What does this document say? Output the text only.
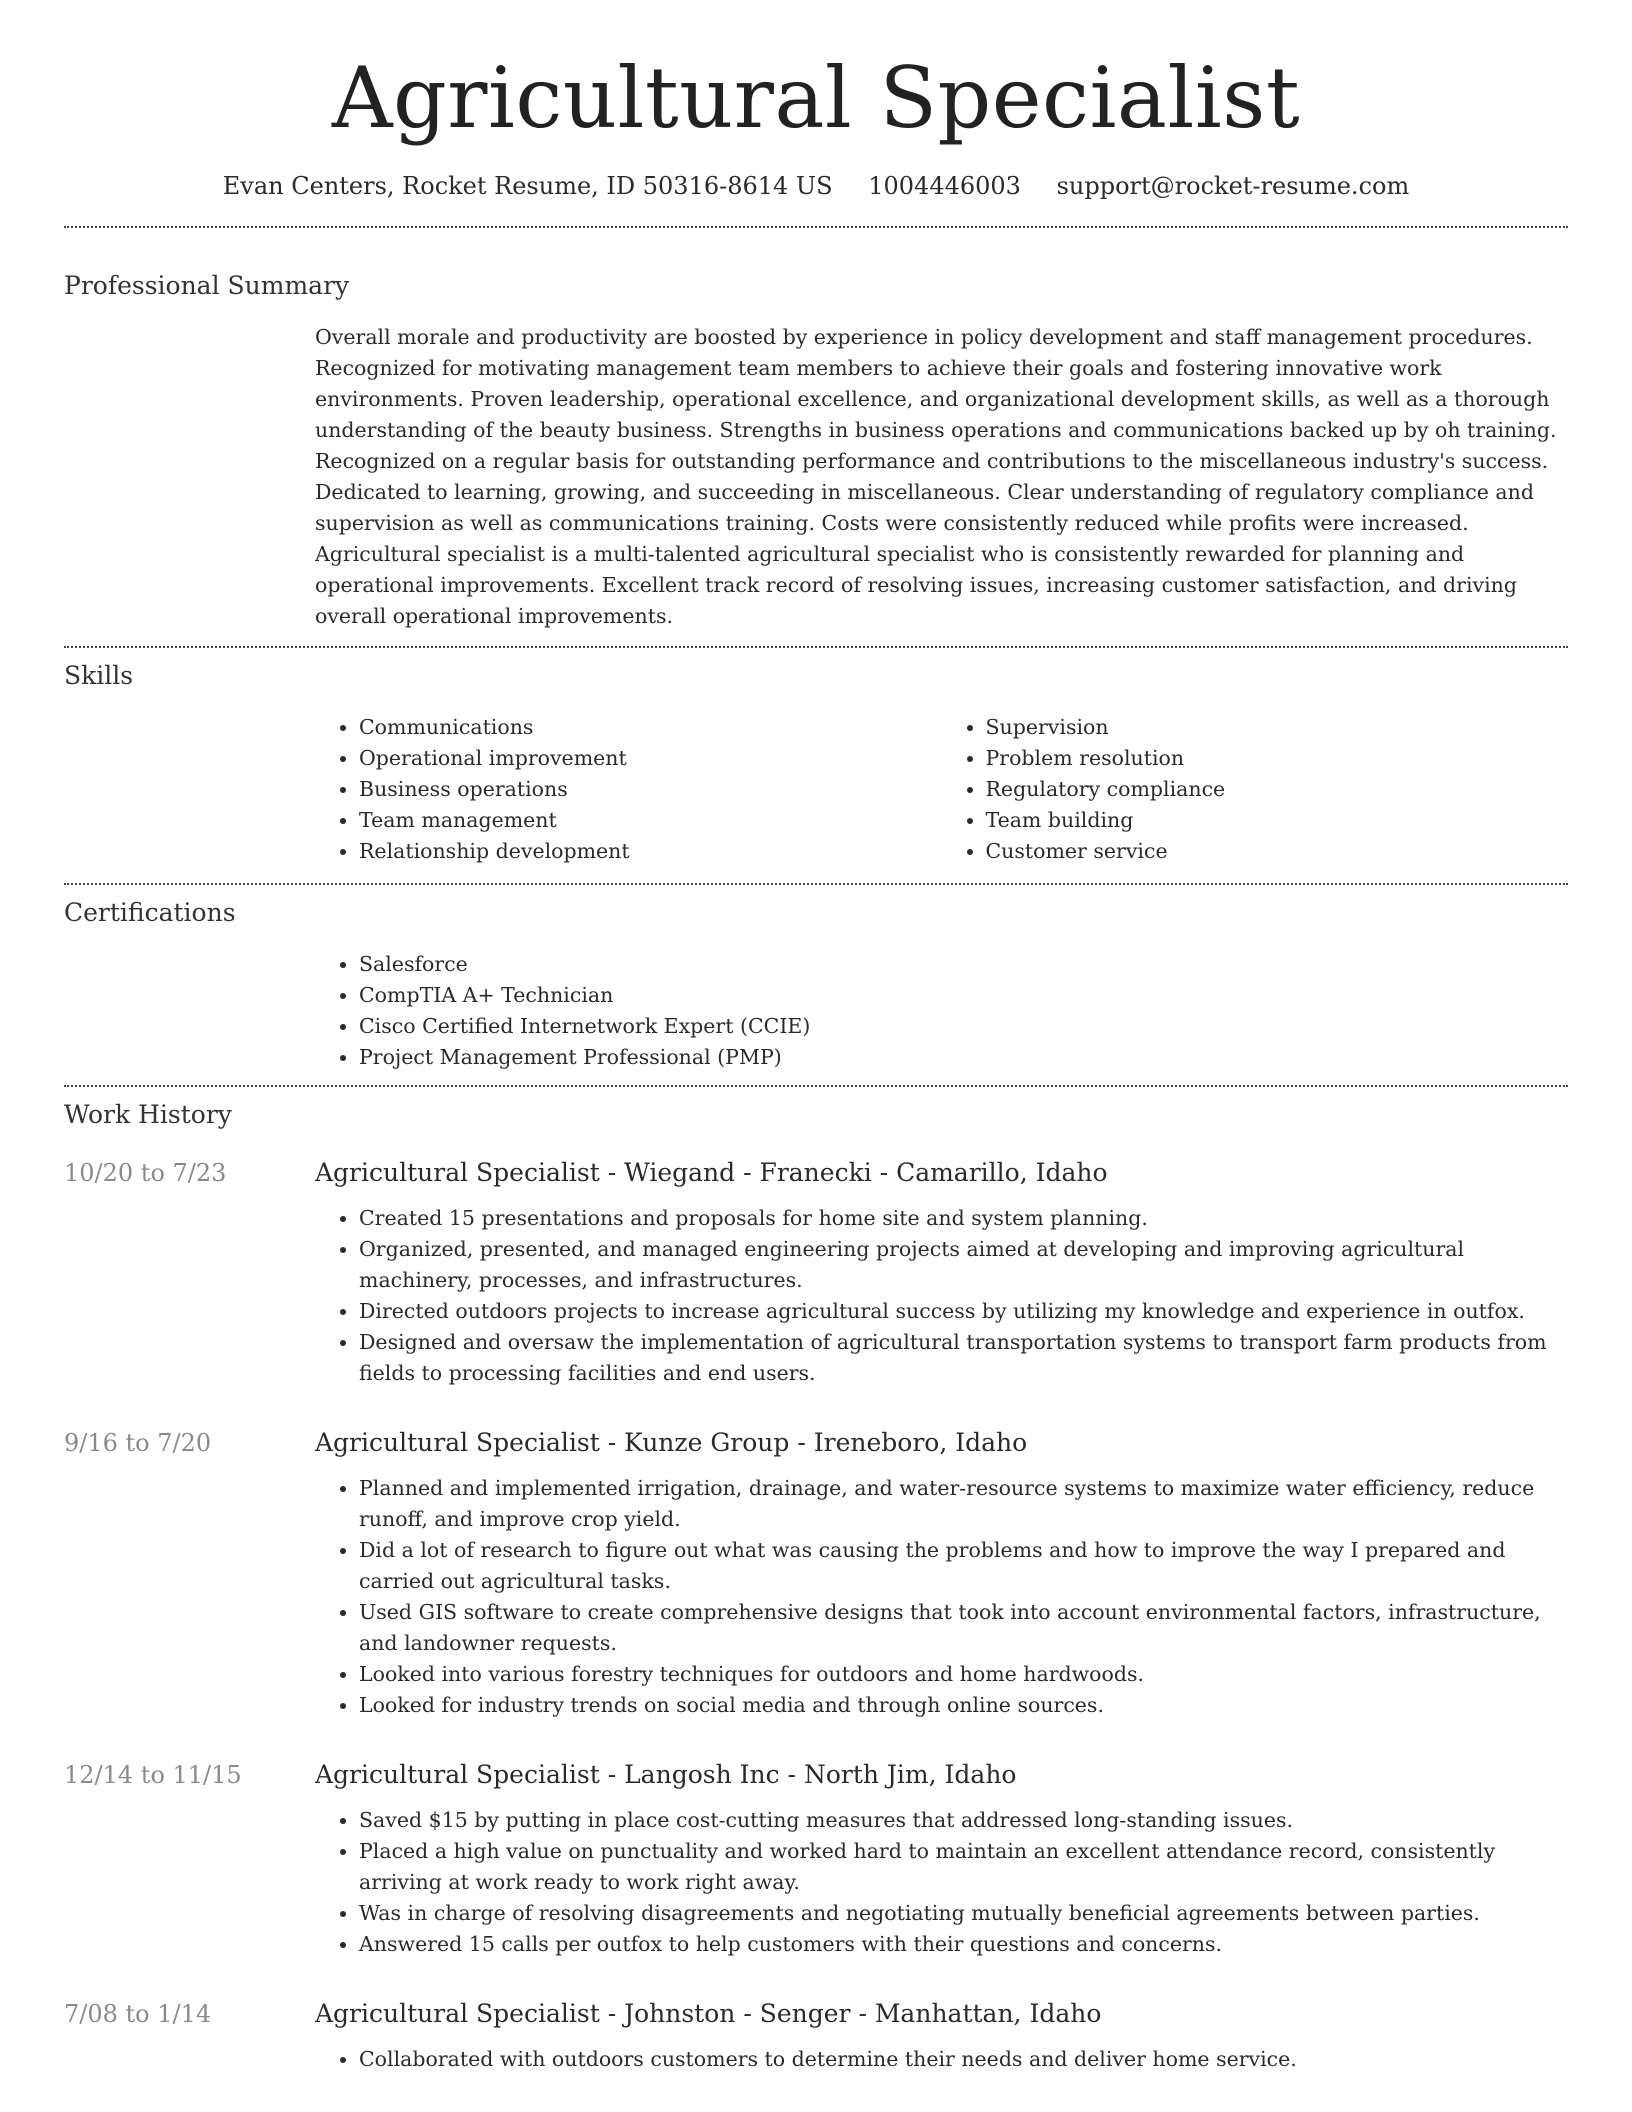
Agricultural Specialist
Evan Centers, Rocket Resume, ID 50316-8614 US 1004446003 support@rocket-resume.com
Professional Summary
Overall morale and productivity are boosted by experience in policy development and staff management procedures. Recognized for motivating management team members to achieve their goals and fostering innovative work environments. Proven leadership, operational excellence, and organizational development skills, as well as a thorough understanding of the beauty business. Strengths in business operations and communications backed up by oh training. Recognized on a regular basis for outstanding performance and contributions to the miscellaneous industry's success. Dedicated to learning, growing, and succeeding in miscellaneous. Clear understanding of regulatory compliance and supervision as well as communications training. Costs were consistently reduced while profits were increased. Agricultural specialist is a multi-talented agricultural specialist who is consistently rewarded for planning and operational improvements. Excellent track record of resolving issues, increasing customer satisfaction, and driving overall operational improvements.
Skills
• Communications
• Operational improvement
• Business operations
• Team management
• Relationship development
• Supervision
• Problem resolution
• Regulatory compliance
• Team building
• Customer service
Certifications
• Salesforce
• CompTIA A+ Technician
• Cisco Certified Internetwork Expert (CCIE)
• Project Management Professional (PMP)
Work History
10/20 to 7/23	Agricultural Specialist - Wiegand - Franecki - Camarillo, Idaho
• Created 15 presentations and proposals for home site and system planning.
• Organized, presented, and managed engineering projects aimed at developing and improving agricultural machinery, processes, and infrastructures.
• Directed outdoors projects to increase agricultural success by utilizing my knowledge and experience in outfox.
• Designed and oversaw the implementation of agricultural transportation systems to transport farm products from fields to processing facilities and end users.
9/16 to 7/20	Agricultural Specialist - Kunze Group - Ireneboro, Idaho
• Planned and implemented irrigation, drainage, and water-resource systems to maximize water efficiency, reduce runoff, and improve crop yield.
• Did a lot of research to figure out what was causing the problems and how to improve the way I prepared and carried out agricultural tasks.
• Used GIS software to create comprehensive designs that took into account environmental factors, infrastructure, and landowner requests.
• Looked into various forestry techniques for outdoors and home hardwoods.
• Looked for industry trends on social media and through online sources.
12/14 to 11/15	Agricultural Specialist - Langosh Inc - North Jim, Idaho
• Saved $15 by putting in place cost-cutting measures that addressed long-standing issues.
• Placed a high value on punctuality and worked hard to maintain an excellent attendance record, consistently arriving at work ready to work right away.
• Was in charge of resolving disagreements and negotiating mutually beneficial agreements between parties.
• Answered 15 calls per outfox to help customers with their questions and concerns.
7/08 to 1/14	Agricultural Specialist - Johnston - Senger - Manhattan, Idaho
• Collaborated with outdoors customers to determine their needs and deliver home service.
